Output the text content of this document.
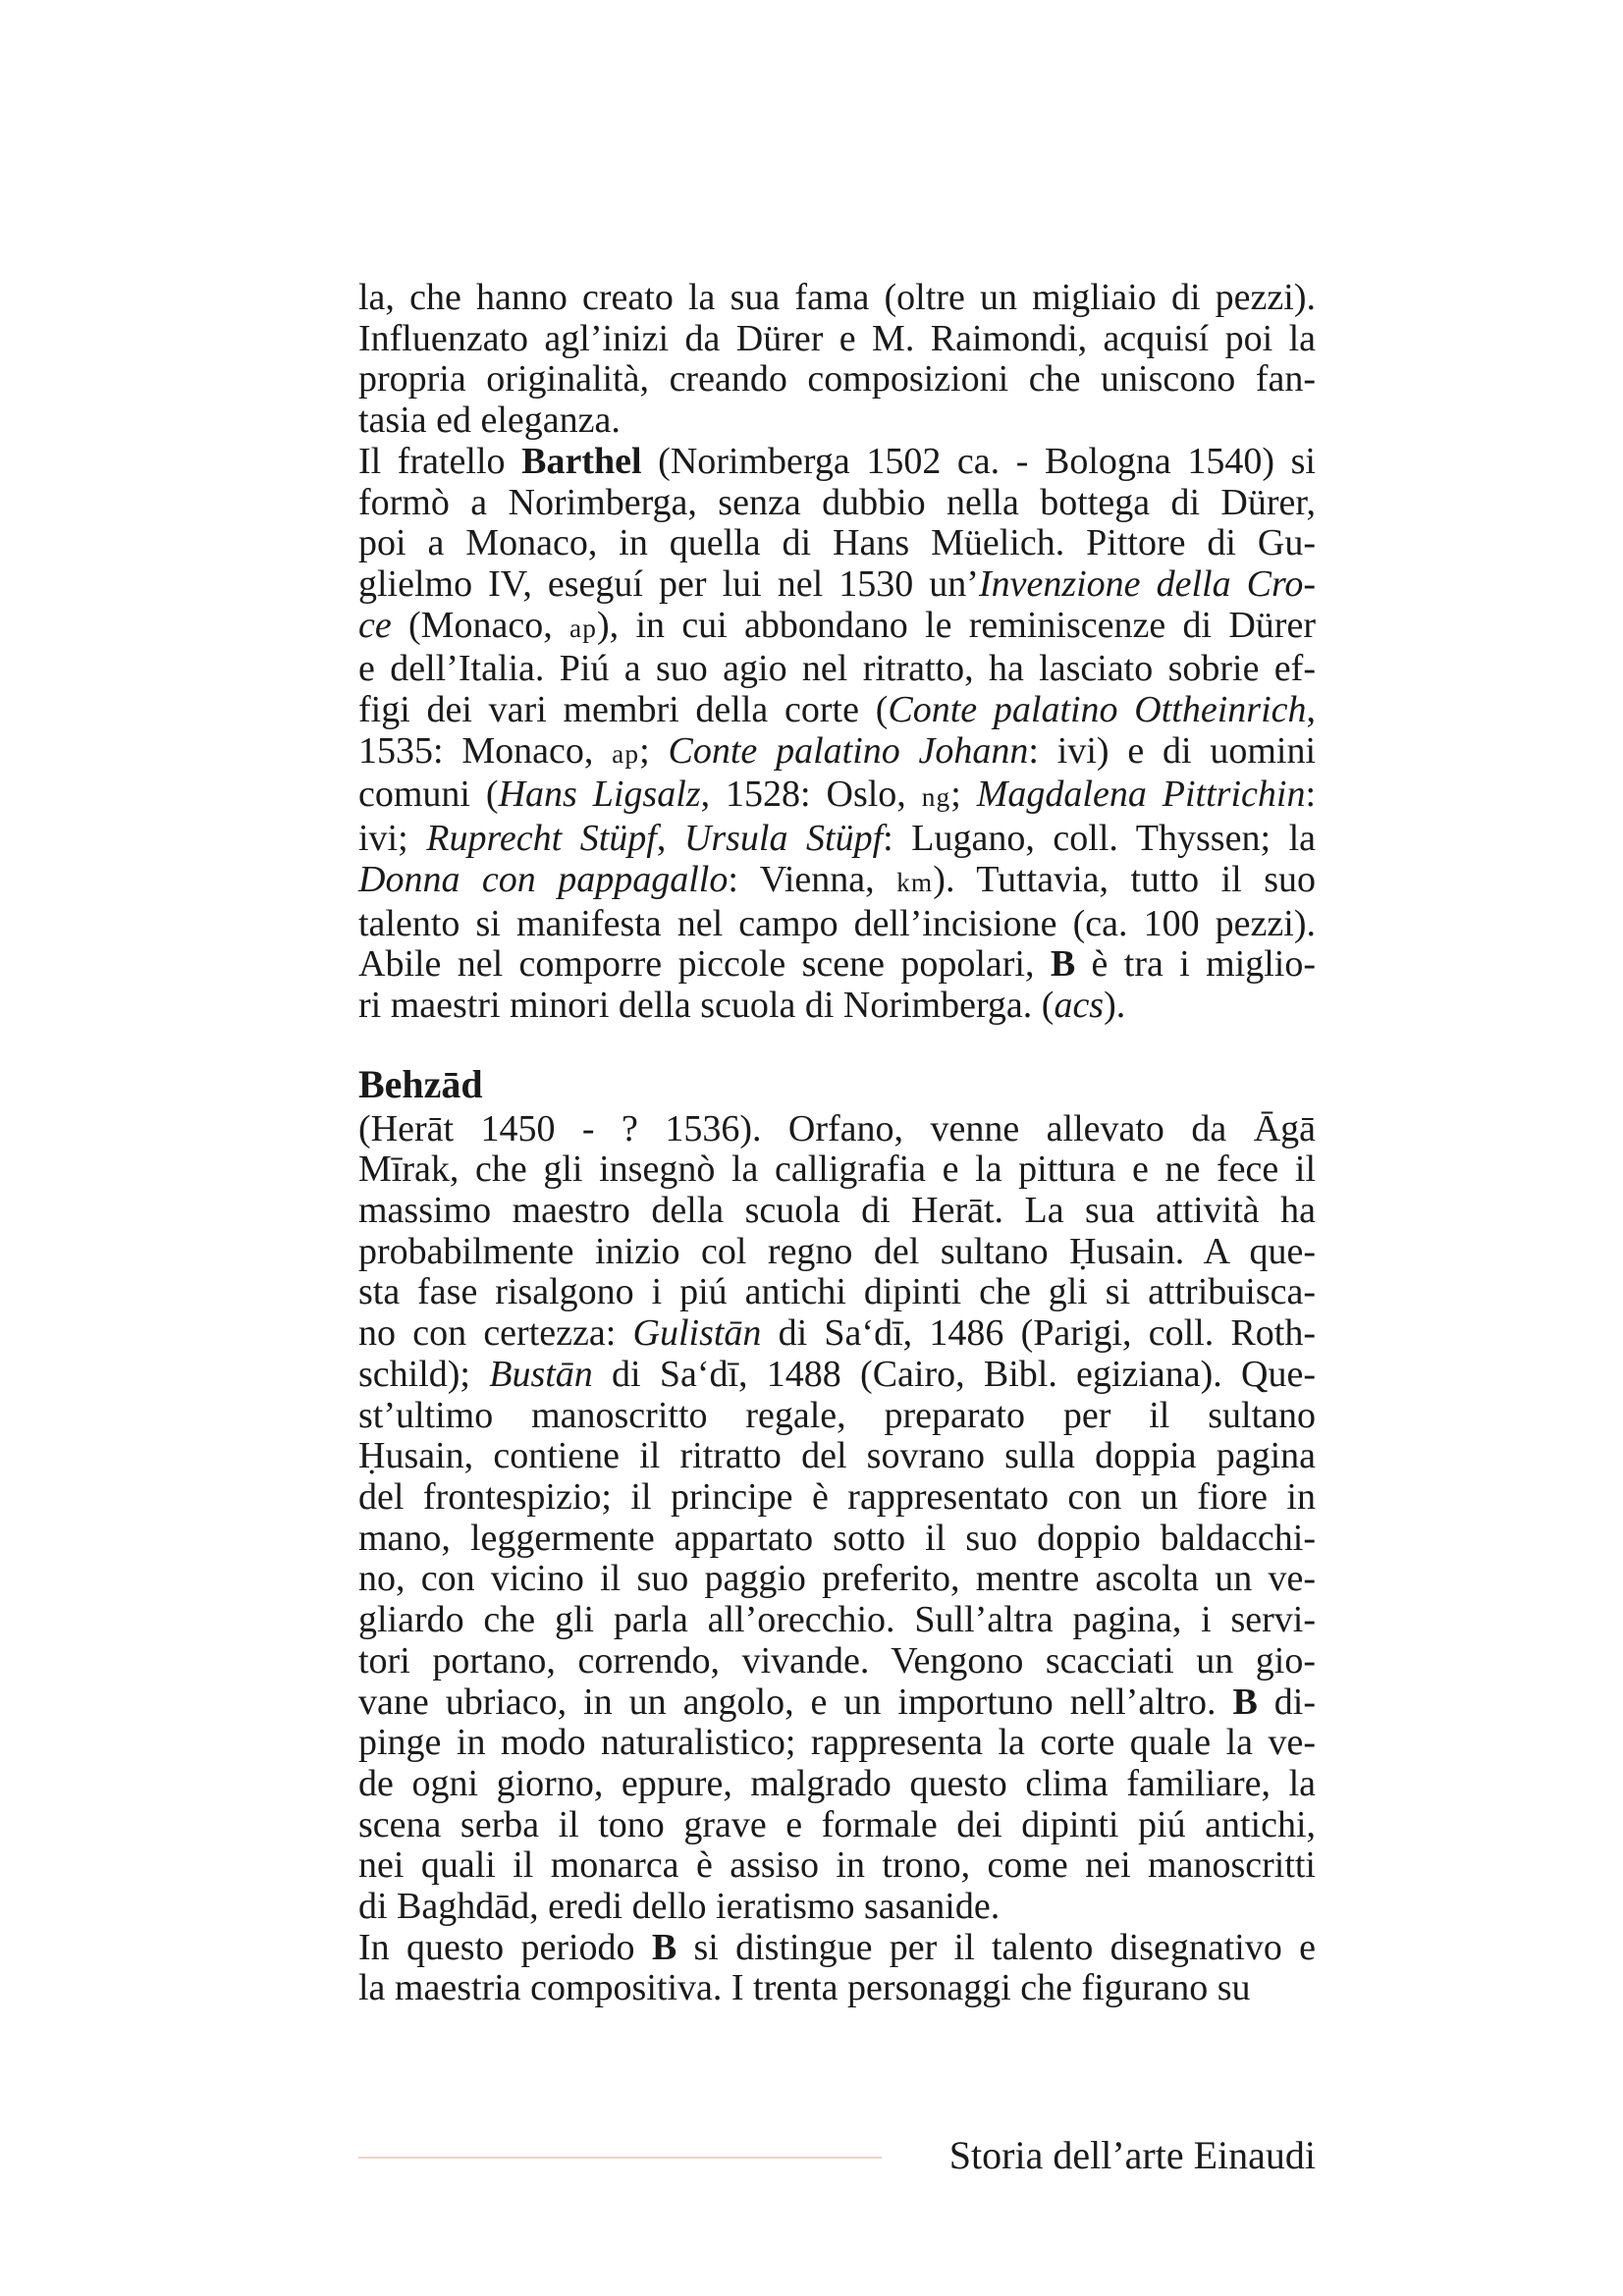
la, che hanno creato la sua fama (oltre un migliaio di pezzi).
Influenzato agl’inizi da Dürer e M. Raimondi, acquisí poi la
propria originalità, creando composizioni che uniscono fan-
tasia ed eleganza.
Il fratello Barthel (Norimberga 1502 ca. - Bologna 1540) si
formò a Norimberga, senza dubbio nella bottega di Dürer,
poi a Monaco, in quella di Hans Müelich. Pittore di Gu-
glielmo IV, eseguí per lui nel 1530 un’Invenzione della Cro-
ce (Monaco, ap), in cui abbondano le reminiscenze di Dürer
e dell’Italia. Piú a suo agio nel ritratto, ha lasciato sobrie ef-
figi dei vari membri della corte (Conte palatino Ottheinrich,
1535: Monaco, ap; Conte palatino Johann: ivi) e di uomini
comuni (Hans Ligsalz, 1528: Oslo, ng; Magdalena Pittrichin:
ivi; Ruprecht Stüpf, Ursula Stüpf: Lugano, coll. Thyssen; la
Donna con pappagallo: Vienna, km). Tuttavia, tutto il suo
talento si manifesta nel campo dell’incisione (ca. 100 pezzi).
Abile nel comporre piccole scene popolari, B è tra i miglio-
ri maestri minori della scuola di Norimberga. (acs).
Behzād
(Herāt 1450 - ? 1536). Orfano, venne allevato da Āgā
Mīrak, che gli insegnò la calligrafia e la pittura e ne fece il
massimo maestro della scuola di Herāt. La sua attività ha
probabilmente inizio col regno del sultano Ḥusain. A que-
sta fase risalgono i piú antichi dipinti che gli si attribuisca-
no con certezza: Gulistān di Sa‘dī, 1486 (Parigi, coll. Roth-
schild); Bustān di Sa‘dī, 1488 (Cairo, Bibl. egiziana). Que-
st’ultimo manoscritto regale, preparato per il sultano
Ḥusain, contiene il ritratto del sovrano sulla doppia pagina
del frontespizio; il principe è rappresentato con un fiore in
mano, leggermente appartato sotto il suo doppio baldacchi-
no, con vicino il suo paggio preferito, mentre ascolta un ve-
gliardo che gli parla all’orecchio. Sull’altra pagina, i servi-
tori portano, correndo, vivande. Vengono scacciati un gio-
vane ubriaco, in un angolo, e un importuno nell’altro. B di-
pinge in modo naturalistico; rappresenta la corte quale la ve-
de ogni giorno, eppure, malgrado questo clima familiare, la
scena serba il tono grave e formale dei dipinti piú antichi,
nei quali il monarca è assiso in trono, come nei manoscritti
di Baghdād, eredi dello ieratismo sasanide.
In questo periodo B si distingue per il talento disegnativo e
la maestria compositiva. I trenta personaggi che figurano su
Storia dell’arte Einaudi
